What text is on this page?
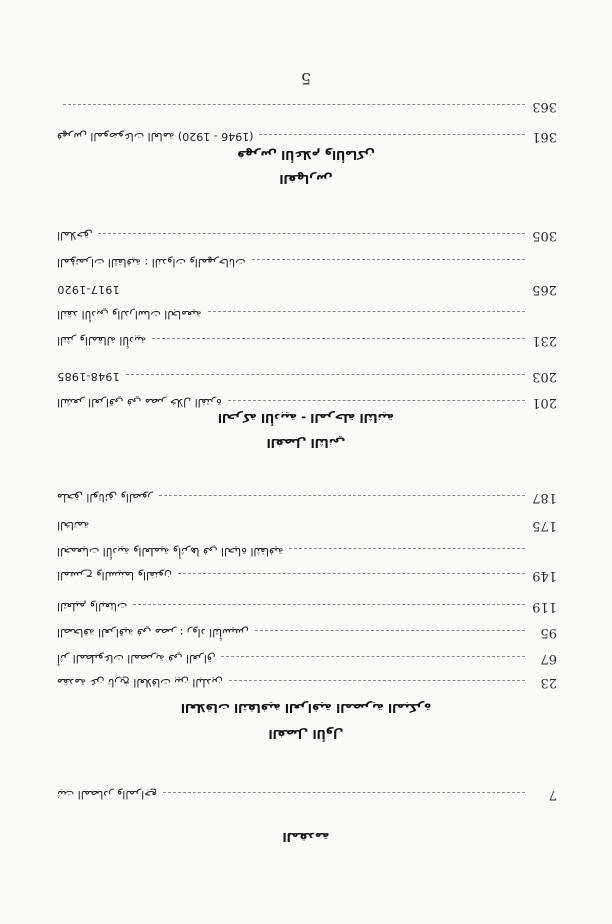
5
المقدمة
ثبت المصادر والمراجع	7
الفصل الأول
العلاقات الثقافية العراقية المصرية المبكرة
مقدمة عن تاريخ العلاقات بين البلدين	23
أثر المطبوعات المصرية في العراق	67
الصحافة العراقية في مصر : رواد التأسيس	95
التعليم والبعثات	119
المسرح والسينما والفنون	149
الجمعيات الأدبية والعلمية وأثرها في الحياة الثقافية
الخاتمة	175
ملحق الوثائق والصور	187
الفصل الثاني
الحركة الأدبية - المرحلة الثانية
الشعر العراقي في مصر خلال الفترة	201
1948-1985	203
النثر والمقالة الأدبية	231
النقد الأدبي والدراسات الجامعية
1917-1920	265
المؤتمرات الثقافية : الندوات والمهرجانات
الملاحق	305
الفهارس
فهرس الأعلام والأماكن
فهرس الموضوعات العامة (1920 - 1946)	361
363
